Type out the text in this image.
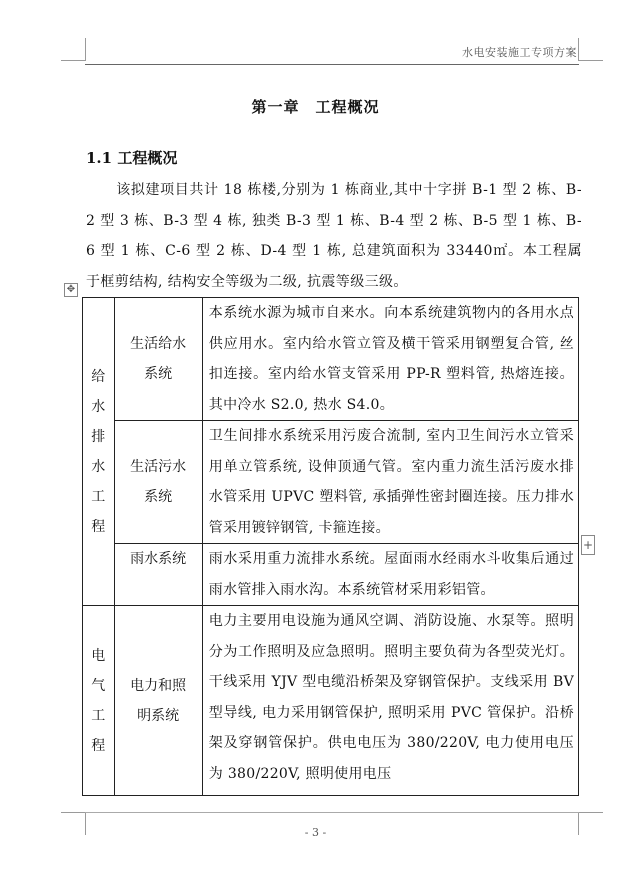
水电安装施工专项方案
第一章　工程概况
1.1 工程概况
该拟建项目共计 18 栋楼,分别为 1 栋商业,其中十字拼 B-1 型 2 栋、B-2 型 3 栋、B-3 型 4 栋, 独类 B-3 型 1 栋、B-4 型 2 栋、B-5 型 1 栋、B-6 型 1 栋、C-6 型 2 栋、D-4 型 1 栋, 总建筑面积为 33440㎡。本工程属于框剪结构, 结构安全等级为二级, 抗震等级三级。
✥
给水排水工程	生活给水系统	本系统水源为城市自来水。向本系统建筑物内的各用水点供应用水。室内给水管立管及横干管采用钢塑复合管, 丝扣连接。室内给水管支管采用 PP-R 塑料管, 热熔连接。其中冷水 S2.0, 热水 S4.0。

	生活污水系统	卫生间排水系统采用污废合流制, 室内卫生间污水立管采用单立管系统, 设伸顶通气管。室内重力流生活污废水排水管采用 UPVC 塑料管, 承插弹性密封圈连接。压力排水管采用镀锌钢管, 卡箍连接。

	雨水系统	雨水采用重力流排水系统。屋面雨水经雨水斗收集后通过雨水管排入雨水沟。本系统管材采用彩铝管。

电气工程	电力和照明系统	电力主要用电设施为通风空调、消防设施、水泵等。照明分为工作照明及应急照明。照明主要负荷为各型荧光灯。干线采用 YJV 型电缆沿桥架及穿钢管保护。支线采用 BV 型导线, 电力采用钢管保护, 照明采用 PVC 管保护。沿桥架及穿钢管保护。供电电压为 380/220V, 电力使用电压为 380/220V, 照明使用电压
+
- 3 -
